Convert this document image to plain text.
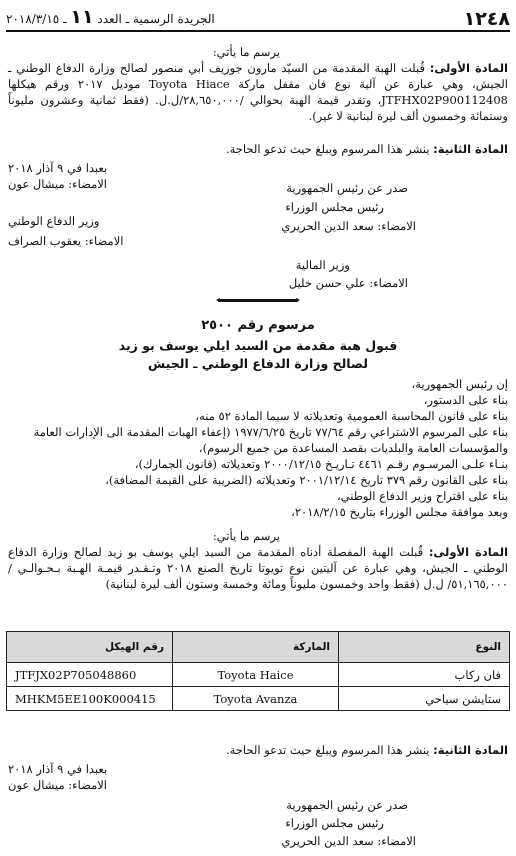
١٢٤٨
الجريدة الرسمية ـ العدد ١١ ـ ٢٠١٨/٣/١٥
يرسم ما يأتي:
المادة الأولى: قُبلت الهبة المقدمة من السيّد مارون جوزيف أبي منصور لصالح وزارة الدفاع الوطني ـ الجيش، وهي عبارة عن آلية نوع فان مقفل ماركة Toyota Hiace موديل ٢٠١٧ ورقم هيكلها JTFHX02P900112408، وتقدر قيمة الهبة بحوالي /٢٨,٦٥٠,٠٠٠/ل.ل. (فقط ثمانية وعشرون مليوناً وستمائة وخمسون ألف ليرة لبنانية لا غير).
المادة الثانية: ينشر هذا المرسوم ويبلغ حيث تدعو الحاجة.
بعبدا في ٩ آذار ٢٠١٨
الامضاء: ميشال عون	صدر عن رئيس الجمهورية
رئيس مجلس الوزراء
وزير الدفاع الوطني	الامضاء: سعد الدين الحريري
الامضاء: يعقوب الصراف
وزير المالية
الامضاء: علي حسن خليل
مرسوم رقم ٢٥٠٠
قبول هبة مقدمة من السيد ايلي يوسف بو زيد
لصالح وزارة الدفاع الوطني ـ الجيش
إن رئيس الجمهورية،
بناء على الدستور،
بناء على قانون المحاسبة العمومية وتعديلاته لا سيما المادة ٥٢ منه،
بناء على المرسوم الاشتراعي رقم ٧٧/٦٤ تاريخ ١٩٧٧/٦/٢٥ (إعفاء الهبات المقدمة الى الإدارات العامة
والمؤسسات العامة والبلديات بقصد المساعدة من جميع الرسوم)،
بنـاء علـى المرسـوم رقـم ٤٤٦١ تـاريـخ ٢٠٠٠/١٢/١٥ وتعديلاته (قانون الجمارك)،
بناء على القانون رقم ٣٧٩ تاريخ ٢٠٠١/١٢/١٤ وتعديلاته (الضريبة على القيمة المضافة)،
بناء على اقتراح وزير الدفاع الوطني،
وبعد موافقة مجلس الوزراء بتاريخ ٢٠١٨/٢/١٥،
يرسم ما يأتي:
المادة الأولى: قُبلت الهبة المفصلة أدناه المقدمة من السيد ايلي يوسف بو زيد لصالح وزارة الدفاع الوطني ـ الجيش، وهي عبارة عن آليتين نوع تويوتا تاريخ الصنع ٢٠١٨ وتـقـدر قيمـة الهـبة بـحـوالـي /٥١,١٦٥,٠٠٠/ ل.ل (فقط واحد وخمسون مليوناً ومائة وخمسة وستون ألف ليرة لبنانية)
النوع	الماركة	رقم الهيكل
فان ركاب	Toyota Haice	JTFJX02P705048860
ستايشن سياحي	Toyota Avanza	MHKM5EE100K000415
المادة الثانية: ينشر هذا المرسوم ويبلغ حيث تدعو الحاجة.
بعبدا في ٩ آذار ٢٠١٨
الامضاء: ميشال عون
صدر عن رئيس الجمهورية
رئيس مجلس الوزراء
الامضاء: سعد الدين الحريري
